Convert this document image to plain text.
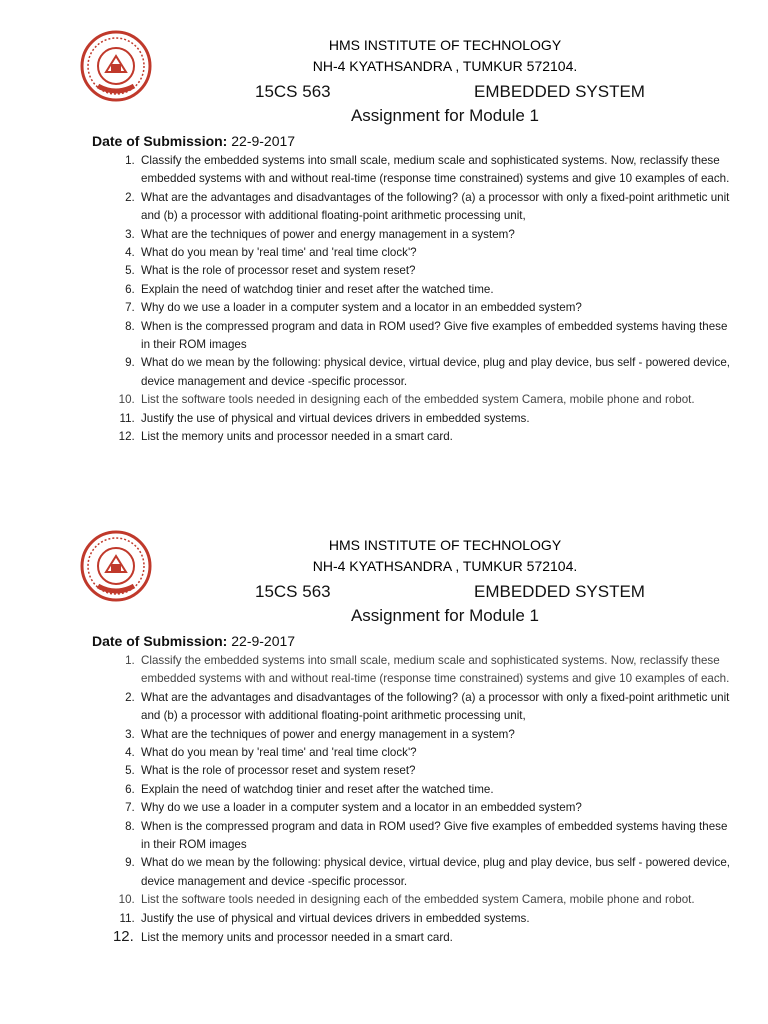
HMS INSTITUTE OF TECHNOLOGY
NH-4 KYATHSANDRA , TUMKUR 572104.
15CS 563	EMBEDDED SYSTEM
Assignment for Module 1
Date of Submission: 22-9-2017
1. Classify the embedded systems into small scale, medium scale and sophisticated systems. Now, reclassify these embedded systems with and without real-time (response time constrained) systems and give 10 examples of each.
2. What are the advantages and disadvantages of the following? (a) a processor with only a fixed-point arithmetic unit and (b) a processor with additional floating-point arithmetic processing unit,
3. What are the techniques of power and energy management in a system?
4. What do you mean by 'real time' and 'real time clock'?
5. What is the role of processor reset and system reset?
6. Explain the need of watchdog tinier and reset after the watched time.
7. Why do we use a loader in a computer system and a locator in an embedded system?
8. When is the compressed program and data in ROM used? Give five examples of embedded systems having these in their ROM images
9. What do we mean by the following: physical device, virtual device, plug and play device, bus self - powered device, device management and device -specific processor.
10. List the software tools needed in designing each of the embedded system Camera, mobile phone and robot.
11. Justify the use of physical and virtual devices drivers in embedded systems.
12. List the memory units and processor needed in a smart card.
HMS INSTITUTE OF TECHNOLOGY
NH-4 KYATHSANDRA , TUMKUR 572104.
15CS 563	EMBEDDED SYSTEM
Assignment for Module 1
Date of Submission: 22-9-2017
1. Classify the embedded systems into small scale, medium scale and sophisticated systems. Now, reclassify these embedded systems with and without real-time (response time constrained) systems and give 10 examples of each.
2. What are the advantages and disadvantages of the following? (a) a processor with only a fixed-point arithmetic unit and (b) a processor with additional floating-point arithmetic processing unit,
3. What are the techniques of power and energy management in a system?
4. What do you mean by 'real time' and 'real time clock'?
5. What is the role of processor reset and system reset?
6. Explain the need of watchdog tinier and reset after the watched time.
7. Why do we use a loader in a computer system and a locator in an embedded system?
8. When is the compressed program and data in ROM used? Give five examples of embedded systems having these in their ROM images
9. What do we mean by the following: physical device, virtual device, plug and play device, bus self - powered device, device management and device -specific processor.
10. List the software tools needed in designing each of the embedded system Camera, mobile phone and robot.
11. Justify the use of physical and virtual devices drivers in embedded systems.
12. List the memory units and processor needed in a smart card.
